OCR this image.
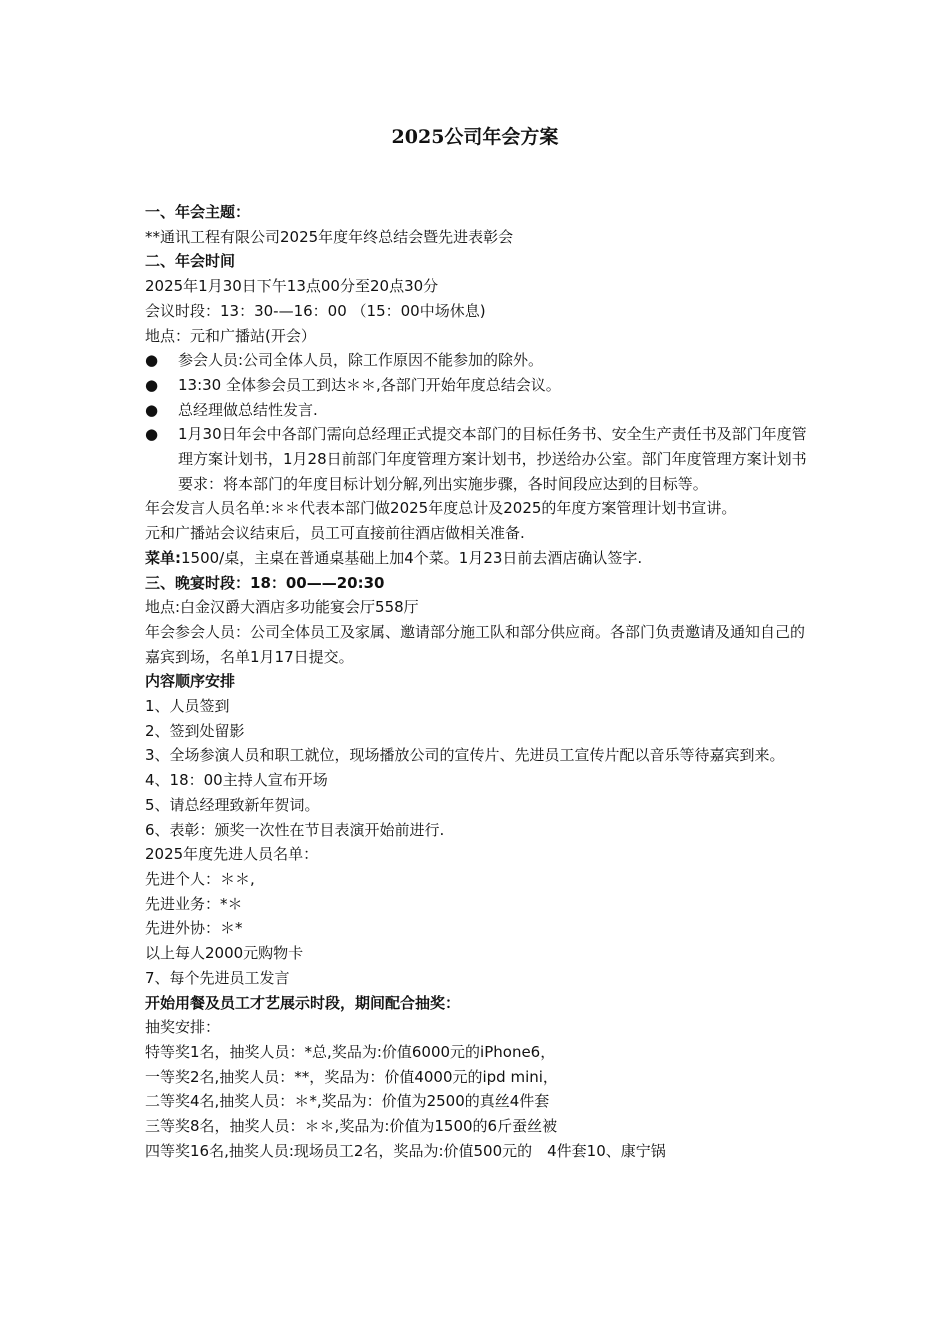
2025公司年会方案
一、年会主题：
**通讯工程有限公司2025年度年终总结会暨先进表彰会
二、年会时间
2025年1月30日下午13点00分至20点30分
会议时段：13：30-—16：00 （15：00中场休息)
地点：元和广播站(开会）
● 参会人员:公司全体人员，除工作原因不能参加的除外。
● 13:30 全体参会员工到达＊＊,各部门开始年度总结会议。
● 总经理做总结性发言.
● 1月30日年会中各部门需向总经理正式提交本部门的目标任务书、安全生产责任书及部门年度管理方案计划书，1月28日前部门年度管理方案计划书，抄送给办公室。部门年度管理方案计划书要求：将本部门的年度目标计划分解,列出实施步骤，各时间段应达到的目标等。
年会发言人员名单:＊＊代表本部门做2025年度总计及2025的年度方案管理计划书宣讲。
元和广播站会议结束后，员工可直接前往酒店做相关准备.
菜单:1500/桌，主桌在普通桌基础上加4个菜。1月23日前去酒店确认签字.
三、晚宴时段：18：00——20:30
地点:白金汉爵大酒店多功能宴会厅558厅
年会参会人员：公司全体员工及家属、邀请部分施工队和部分供应商。各部门负责邀请及通知自己的嘉宾到场，名单1月17日提交。
内容顺序安排
1、人员签到
2、签到处留影
3、全场参演人员和职工就位，现场播放公司的宣传片、先进员工宣传片配以音乐等待嘉宾到来。
4、18：00主持人宣布开场
5、请总经理致新年贺词。
6、表彰：颁奖一次性在节目表演开始前进行.
2025年度先进人员名单：
先进个人：＊＊,
先进业务：*＊
先进外协：＊*
以上每人2000元购物卡
7、每个先进员工发言
开始用餐及员工才艺展示时段，期间配合抽奖：
抽奖安排：
特等奖1名，抽奖人员：*总,奖品为:价值6000元的iPhone6，
一等奖2名,抽奖人员：**，奖品为：价值4000元的ipd mini，
二等奖4名,抽奖人员：＊*,奖品为：价值为2500的真丝4件套
三等奖8名，抽奖人员：＊＊,奖品为:价值为1500的6斤蚕丝被
四等奖16名,抽奖人员:现场员工2名，奖品为:价值500元的　4件套10、康宁锅
